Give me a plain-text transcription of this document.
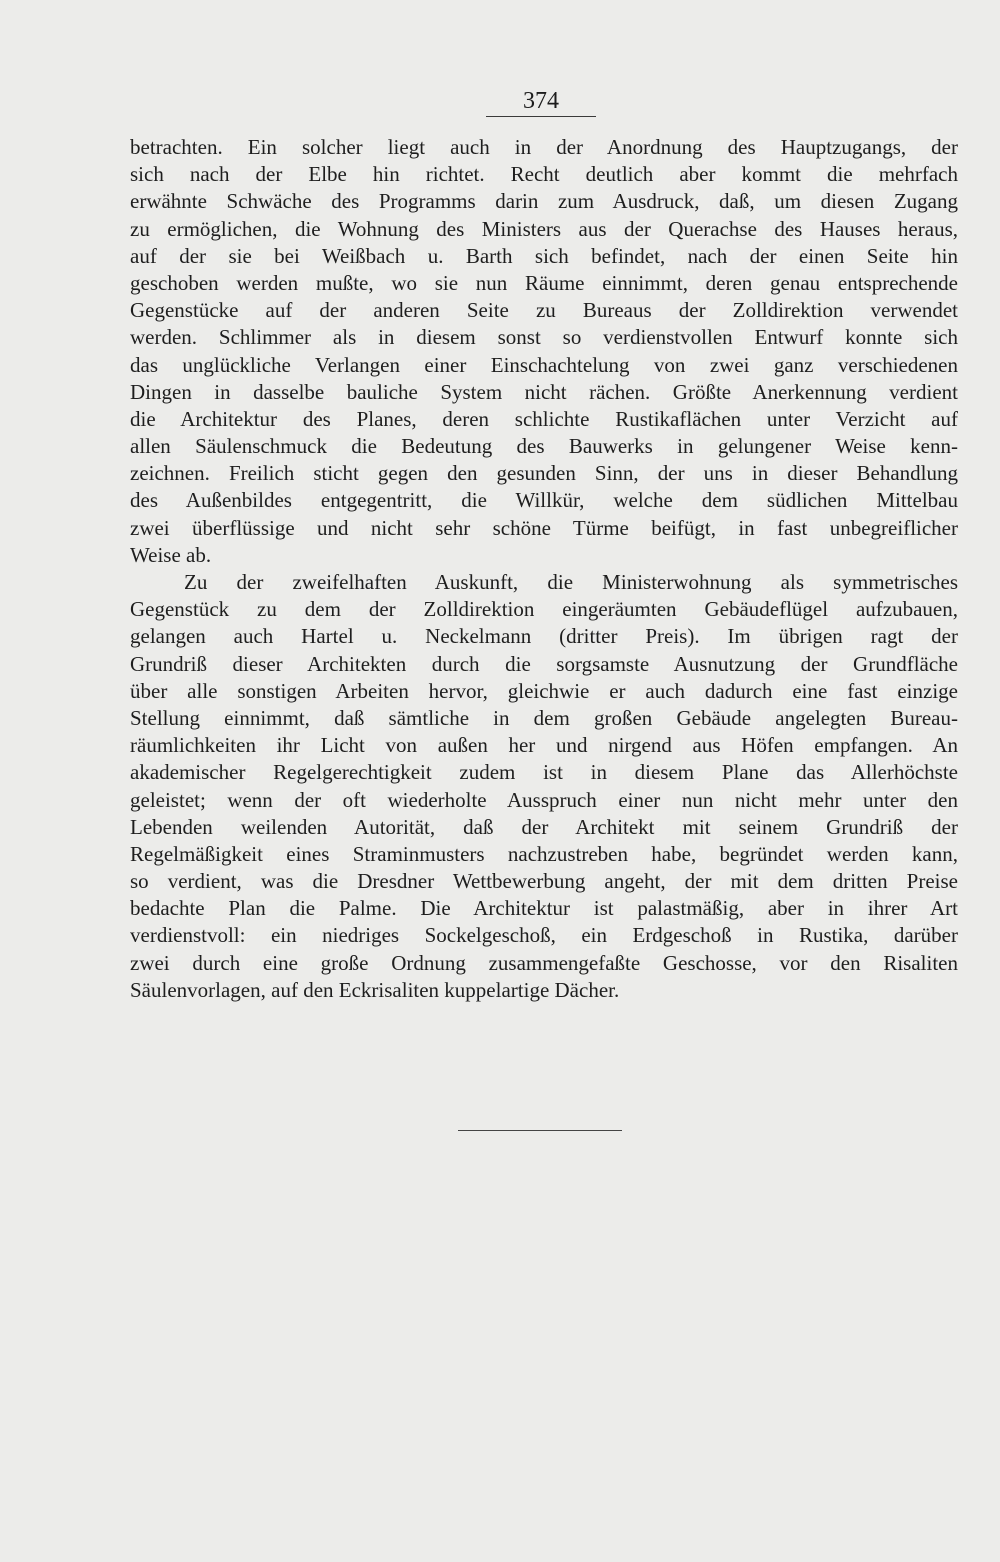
374
betrachten. Ein solcher liegt auch in der Anordnung des Hauptzugangs, der
sich nach der Elbe hin richtet. Recht deutlich aber kommt die mehrfach
erwähnte Schwäche des Programms darin zum Ausdruck, daß, um diesen Zugang
zu ermöglichen, die Wohnung des Ministers aus der Querachse des Hauses heraus,
auf der sie bei Weißbach u. Barth sich befindet, nach der einen Seite hin
geschoben werden mußte, wo sie nun Räume einnimmt, deren genau entsprechende
Gegenstücke auf der anderen Seite zu Bureaus der Zolldirektion verwendet
werden. Schlimmer als in diesem sonst so verdienstvollen Entwurf konnte sich
das unglückliche Verlangen einer Einschachtelung von zwei ganz verschiedenen
Dingen in dasselbe bauliche System nicht rächen. Größte Anerkennung verdient
die Architektur des Planes, deren schlichte Rustikaflächen unter Verzicht auf
allen Säulenschmuck die Bedeutung des Bauwerks in gelungener Weise kenn-
zeichnen. Freilich sticht gegen den gesunden Sinn, der uns in dieser Behandlung
des Außenbildes entgegentritt, die Willkür, welche dem südlichen Mittelbau
zwei überflüssige und nicht sehr schöne Türme beifügt, in fast unbegreiflicher
Weise ab.
Zu der zweifelhaften Auskunft, die Ministerwohnung als symmetrisches
Gegenstück zu dem der Zolldirektion eingeräumten Gebäudeflügel aufzubauen,
gelangen auch Hartel u. Neckelmann (dritter Preis). Im übrigen ragt der
Grundriß dieser Architekten durch die sorgsamste Ausnutzung der Grundfläche
über alle sonstigen Arbeiten hervor, gleichwie er auch dadurch eine fast einzige
Stellung einnimmt, daß sämtliche in dem großen Gebäude angelegten Bureau-
räumlichkeiten ihr Licht von außen her und nirgend aus Höfen empfangen. An
akademischer Regelgerechtigkeit zudem ist in diesem Plane das Allerhöchste
geleistet; wenn der oft wiederholte Ausspruch einer nun nicht mehr unter den
Lebenden weilenden Autorität, daß der Architekt mit seinem Grundriß der
Regelmäßigkeit eines Straminmusters nachzustreben habe, begründet werden kann,
so verdient, was die Dresdner Wettbewerbung angeht, der mit dem dritten Preise
bedachte Plan die Palme. Die Architektur ist palastmäßig, aber in ihrer Art
verdienstvoll: ein niedriges Sockelgeschoß, ein Erdgeschoß in Rustika, darüber
zwei durch eine große Ordnung zusammengefaßte Geschosse, vor den Risaliten
Säulenvorlagen, auf den Eckrisaliten kuppelartige Dächer.
